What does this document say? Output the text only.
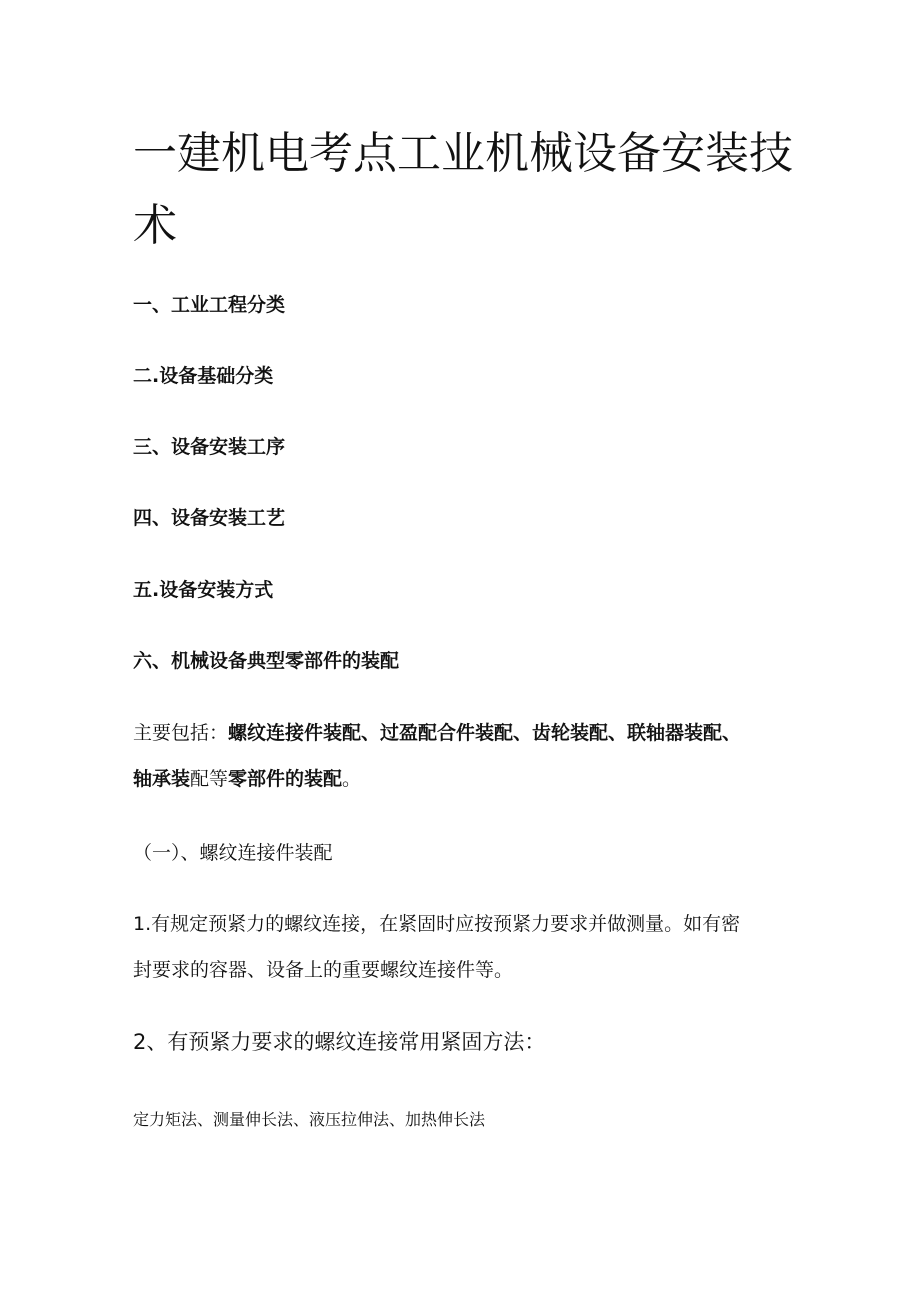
一建机电考点工业机械设备安装技术

一、工业工程分类

二.设备基础分类

三、设备安装工序

四、设备安装工艺

五.设备安装方式

六、机械设备典型零部件的装配

主要包括：螺纹连接件装配、过盈配合件装配、齿轮装配、联轴器装配、
轴承装配等零部件的装配。

（一）、螺纹连接件装配

1.有规定预紧力的螺纹连接，在紧固时应按预紧力要求并做测量。如有密
封要求的容器、设备上的重要螺纹连接件等。

2、有预紧力要求的螺纹连接常用紧固方法：

定力矩法、测量伸长法、液压拉伸法、加热伸长法
